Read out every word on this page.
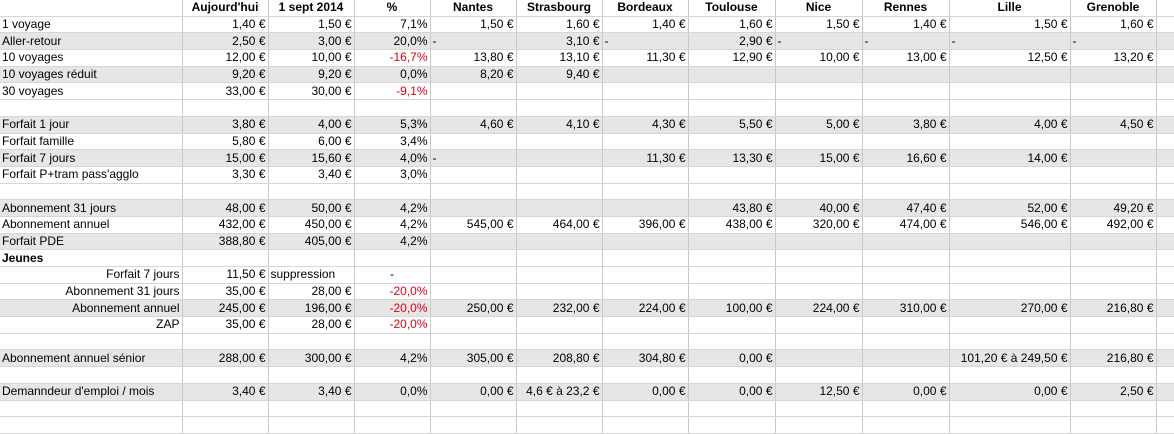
	Aujourd'hui	1 sept 2014	%	Nantes	Strasbourg	Bordeaux	Toulouse	Nice	Rennes	Lille	Grenoble	
1 voyage	1,40 €	1,50 €	7,1%	1,50 €	1,60 €	1,40 €	1,60 €	1,50 €	1,40 €	1,50 €	1,60 €	
Aller-retour	2,50 €	3,00 €	20,0%	-	3,10 €	-	2,90 €	-	-	-	-	
10 voyages	12,00 €	10,00 €	-16,7%	13,80 €	13,10 €	11,30 €	12,90 €	10,00 €	13,00 €	12,50 €	13,20 €	
10 voyages réduit	9,20 €	9,20 €	0,0%	8,20 €	9,40 €							
30 voyages	33,00 €	30,00 €	-9,1%									

Forfait 1 jour	3,80 €	4,00 €	5,3%	4,60 €	4,10 €	4,30 €	5,50 €	5,00 €	3,80 €	4,00 €	4,50 €	
Forfait famille	5,80 €	6,00 €	3,4%									
Forfait 7 jours	15,00 €	15,60 €	4,0%	-		11,30 €	13,30 €	15,00 €	16,60 €	14,00 €		
Forfait P+tram pass'agglo	3,30 €	3,40 €	3,0%									

Abonnement 31 jours	48,00 €	50,00 €	4,2%				43,80 €	40,00 €	47,40 €	52,00 €	49,20 €	
Abonnement annuel	432,00 €	450,00 €	4,2%	545,00 €	464,00 €	396,00 €	438,00 €	320,00 €	474,00 €	546,00 €	492,00 €	
Forfait PDE	388,80 €	405,00 €	4,2%									
Jeunes												
Forfait 7 jours	11,50 €	suppression	-									
Abonnement 31 jours	35,00 €	28,00 €	-20,0%									
Abonnement annuel	245,00 €	196,00 €	-20,0%	250,00 €	232,00 €	224,00 €	100,00 €	224,00 €	310,00 €	270,00 €	216,80 €	
ZAP	35,00 €	28,00 €	-20,0%									

Abonnement annuel sénior	288,00 €	300,00 €	4,2%	305,00 €	208,80 €	304,80 €	0,00 €			101,20 € à 249,50 €	216,80 €	

Demanndeur d'emploi / mois	3,40 €	3,40 €	0,0%	0,00 €	4,6 € à 23,2 €	0,00 €	0,00 €	12,50 €	0,00 €	0,00 €	2,50 €	
